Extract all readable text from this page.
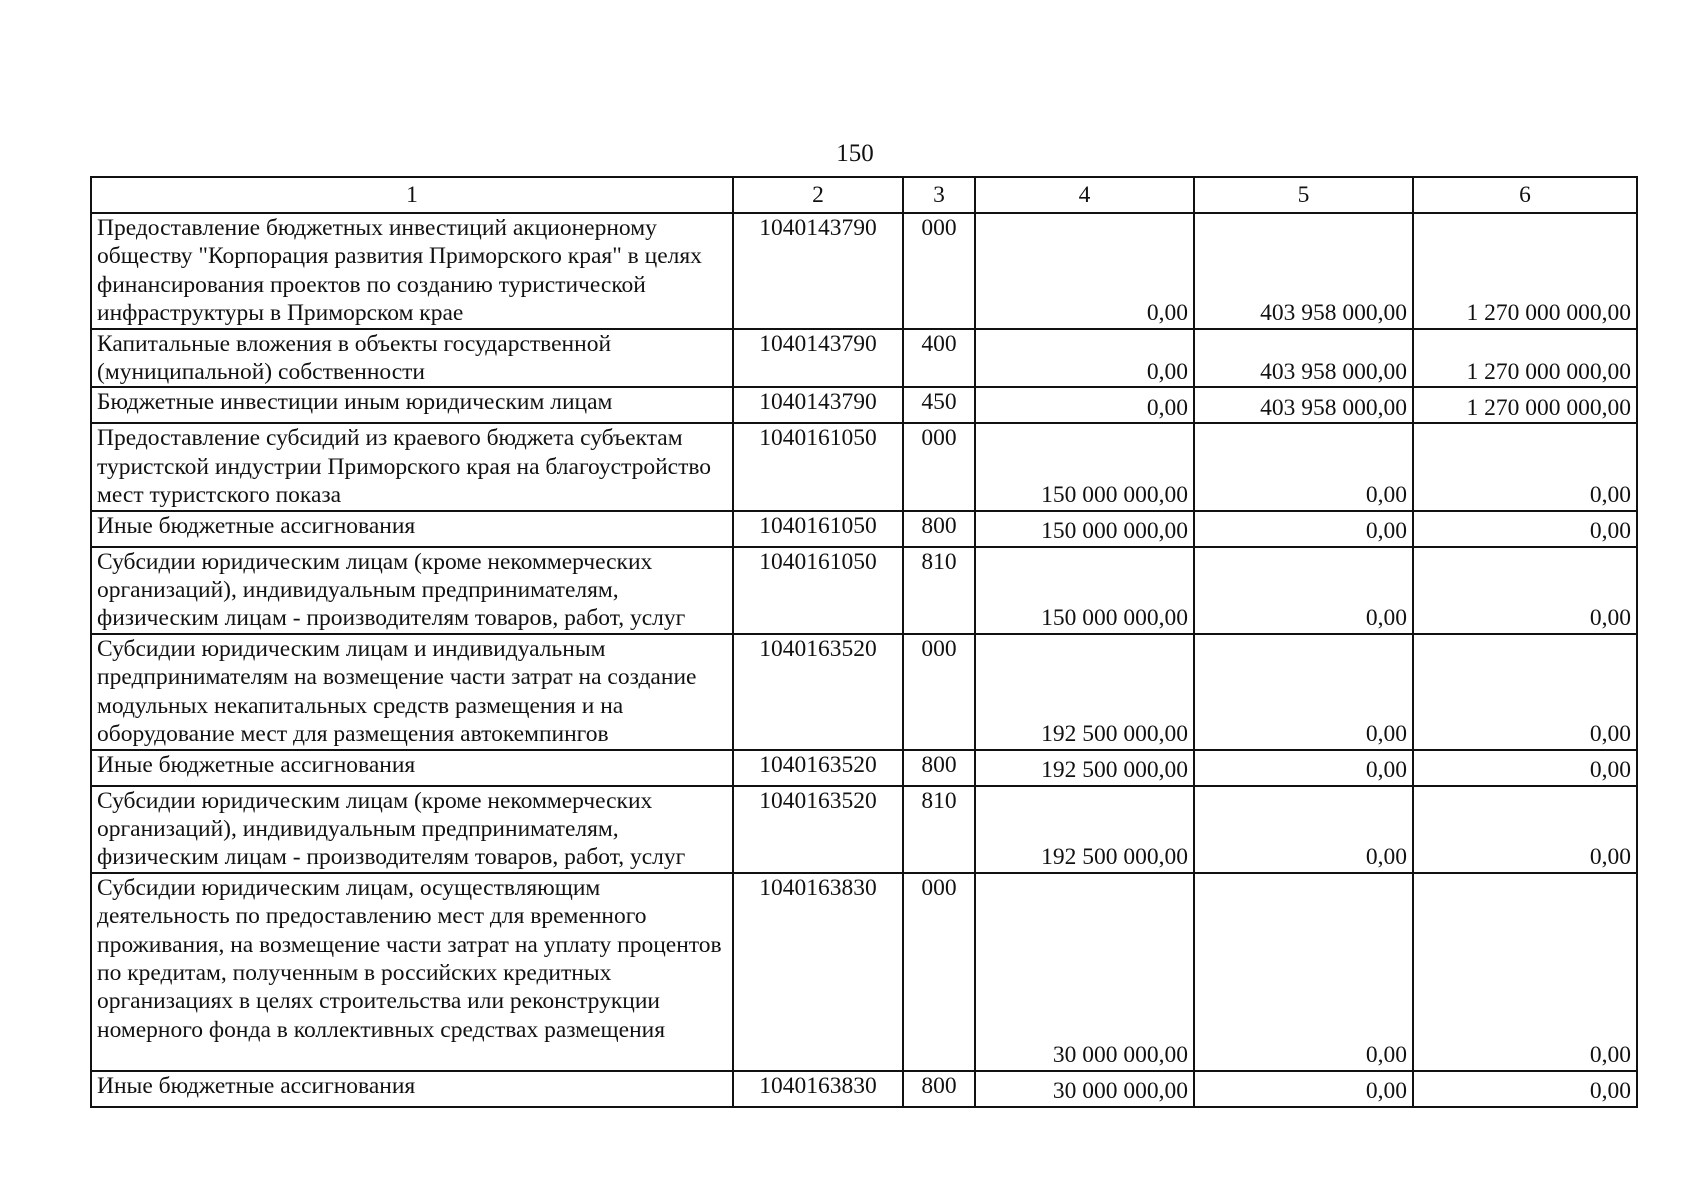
150
1	2	3	4	5	6
Предоставление бюджетных инвестиций акционерному обществу "Корпорация развития Приморского края" в целях финансирования проектов по созданию туристической инфраструктуры в Приморском крае	1040143790	000	0,00	403 958 000,00	1 270 000 000,00
Капитальные вложения в объекты государственной (муниципальной) собственности	1040143790	400	0,00	403 958 000,00	1 270 000 000,00
Бюджетные инвестиции иным юридическим лицам	1040143790	450	0,00	403 958 000,00	1 270 000 000,00
Предоставление субсидий из краевого бюджета субъектам туристской индустрии Приморского края на благоустройство мест туристского показа	1040161050	000	150 000 000,00	0,00	0,00
Иные бюджетные ассигнования	1040161050	800	150 000 000,00	0,00	0,00
Субсидии юридическим лицам (кроме некоммерческих организаций), индивидуальным предпринимателям, физическим лицам - производителям товаров, работ, услуг	1040161050	810	150 000 000,00	0,00	0,00
Субсидии юридическим лицам и индивидуальным предпринимателям на возмещение части затрат на создание модульных некапитальных средств размещения и на оборудование мест для размещения автокемпингов	1040163520	000	192 500 000,00	0,00	0,00
Иные бюджетные ассигнования	1040163520	800	192 500 000,00	0,00	0,00
Субсидии юридическим лицам (кроме некоммерческих организаций), индивидуальным предпринимателям, физическим лицам - производителям товаров, работ, услуг	1040163520	810	192 500 000,00	0,00	0,00
Субсидии юридическим лицам, осуществляющим деятельность по предоставлению мест для временного проживания, на возмещение части затрат на уплату процентов по кредитам, полученным в российских кредитных организациях в целях строительства или реконструкции номерного фонда в коллективных средствах размещения	1040163830	000	30 000 000,00	0,00	0,00
Иные бюджетные ассигнования	1040163830	800	30 000 000,00	0,00	0,00
